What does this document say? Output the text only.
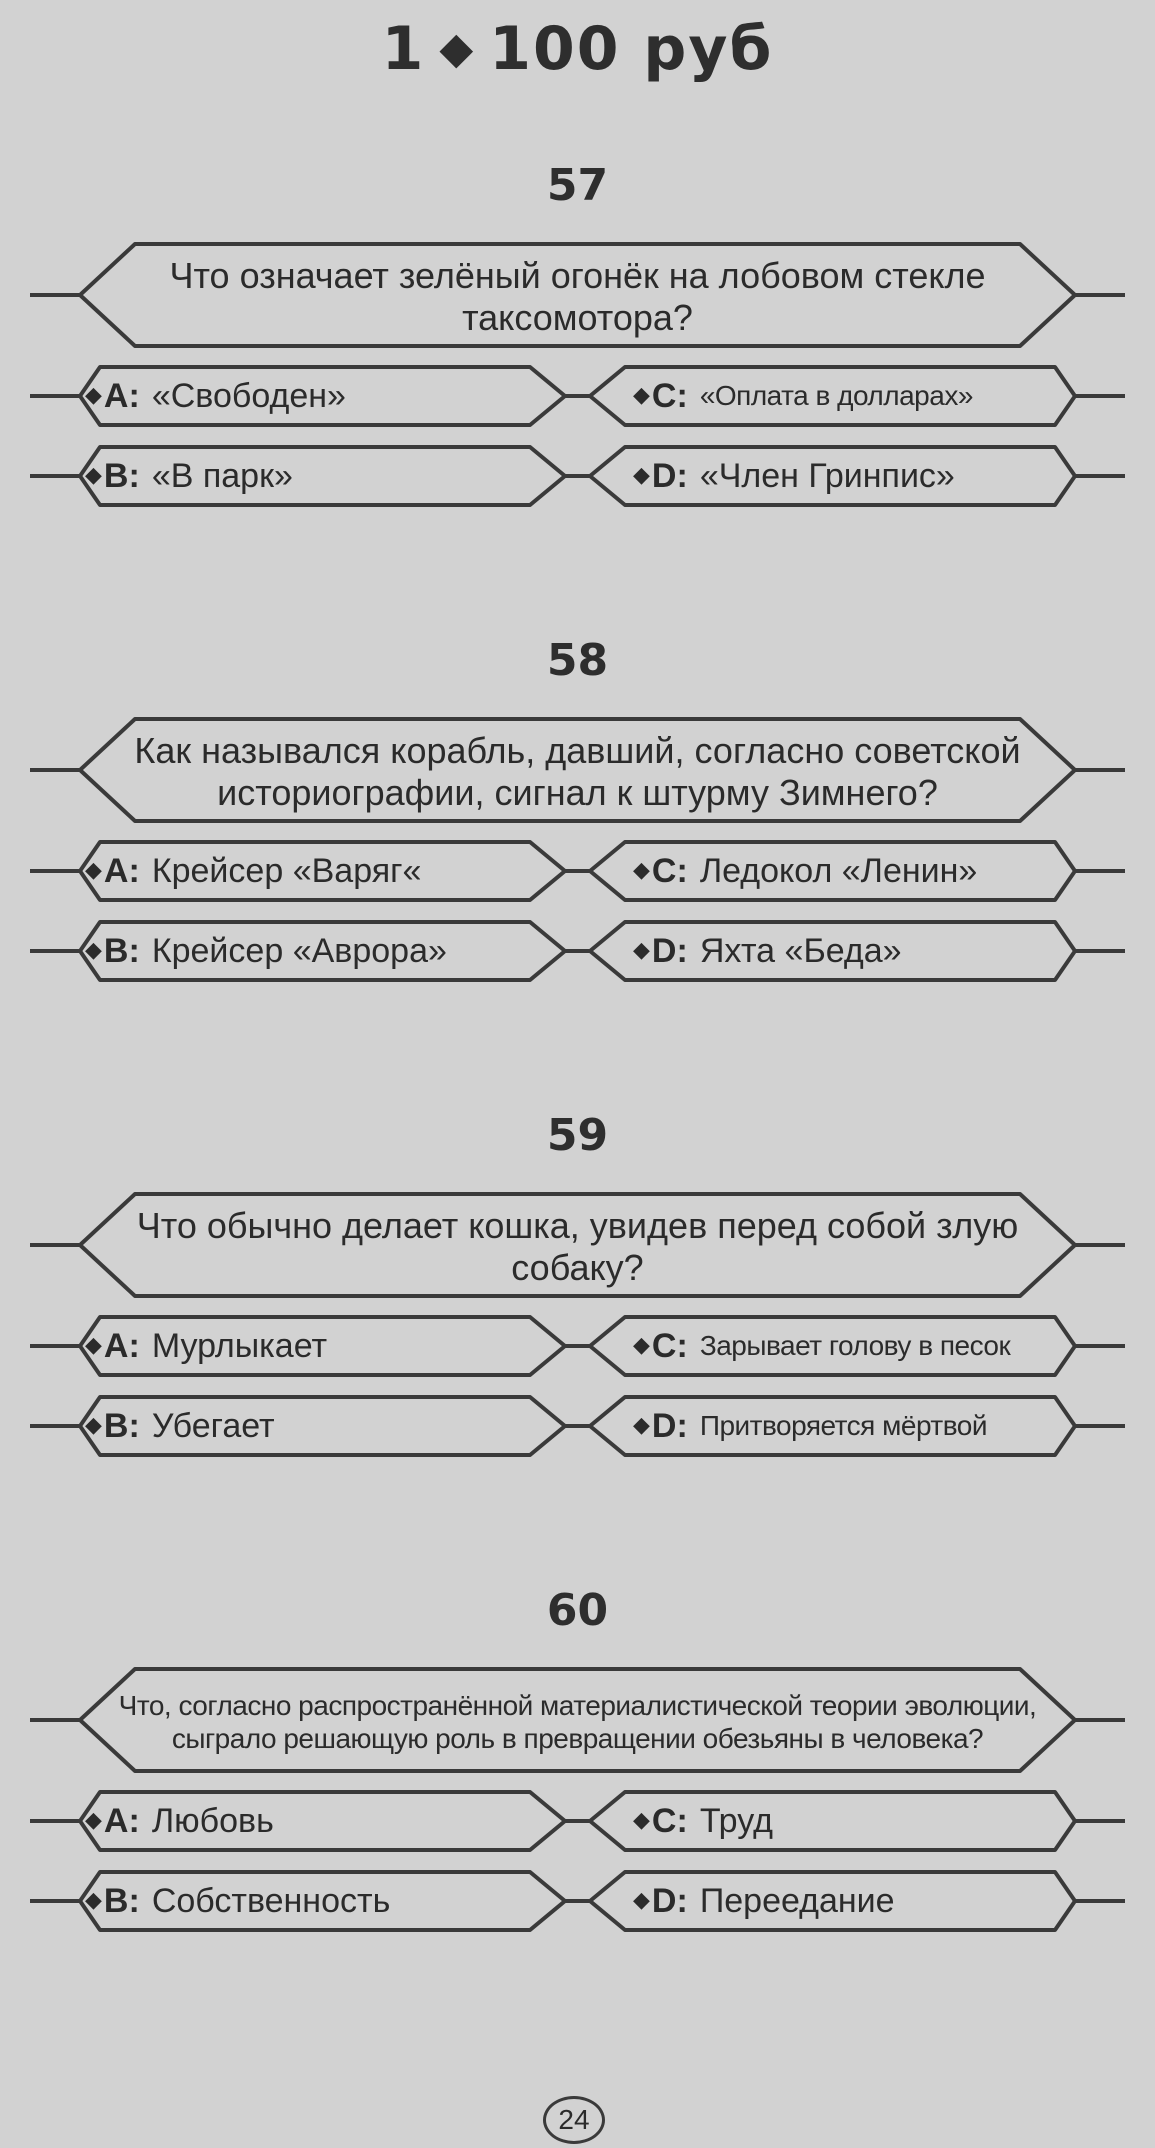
1 ◆ 100 руб
57
Что означает зелёный огонёк на лобовом стекле таксомотора?
◆A: «Свободен»
◆B: «В парк»
◆C: «Оплата в долларах»
◆D: «Член Гринпис»
58
Как назывался корабль, давший, согласно советской историографии, сигнал к штурму Зимнего?
◆A: Крейсер «Варяг«
◆B: Крейсер «Аврора»
◆C: Ледокол «Ленин»
◆D: Яхта «Беда»
59
Что обычно делает кошка, увидев перед собой злую собаку?
◆A: Мурлыкает
◆B: Убегает
◆C: Зарывает голову в песок
◆D: Притворяется мёртвой
60
Что, согласно распространённой материалистической теории эволюции, сыграло решающую роль в превращении обезьяны в человека?
◆A: Любовь
◆B: Собственность
◆C: Труд
◆D: Переедание
24
